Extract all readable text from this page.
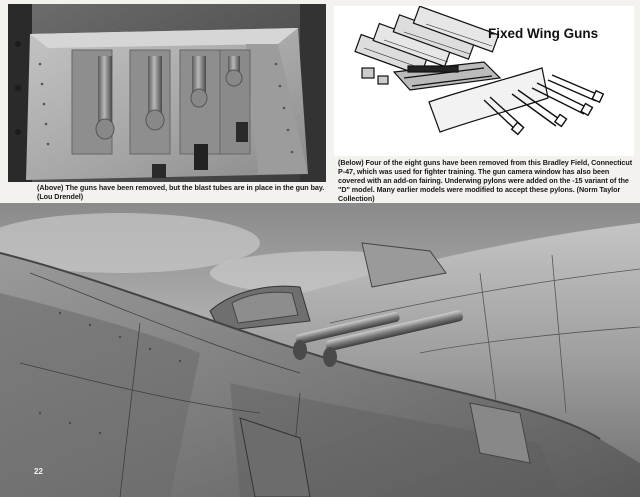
Fixed Wing Guns
(Above) The guns have been removed, but the blast tubes are in place in the gun bay. (Lou Drendel)
(Below) Four of the eight guns have been removed from this Bradley Field, Connecticut P-47, which was used for fighter training. The gun camera window has also been covered with an add-on fairing. Underwing pylons were added on the -15 variant of the "D" model. Many earlier models were modified to accept these pylons. (Norm Taylor Collection)
22
